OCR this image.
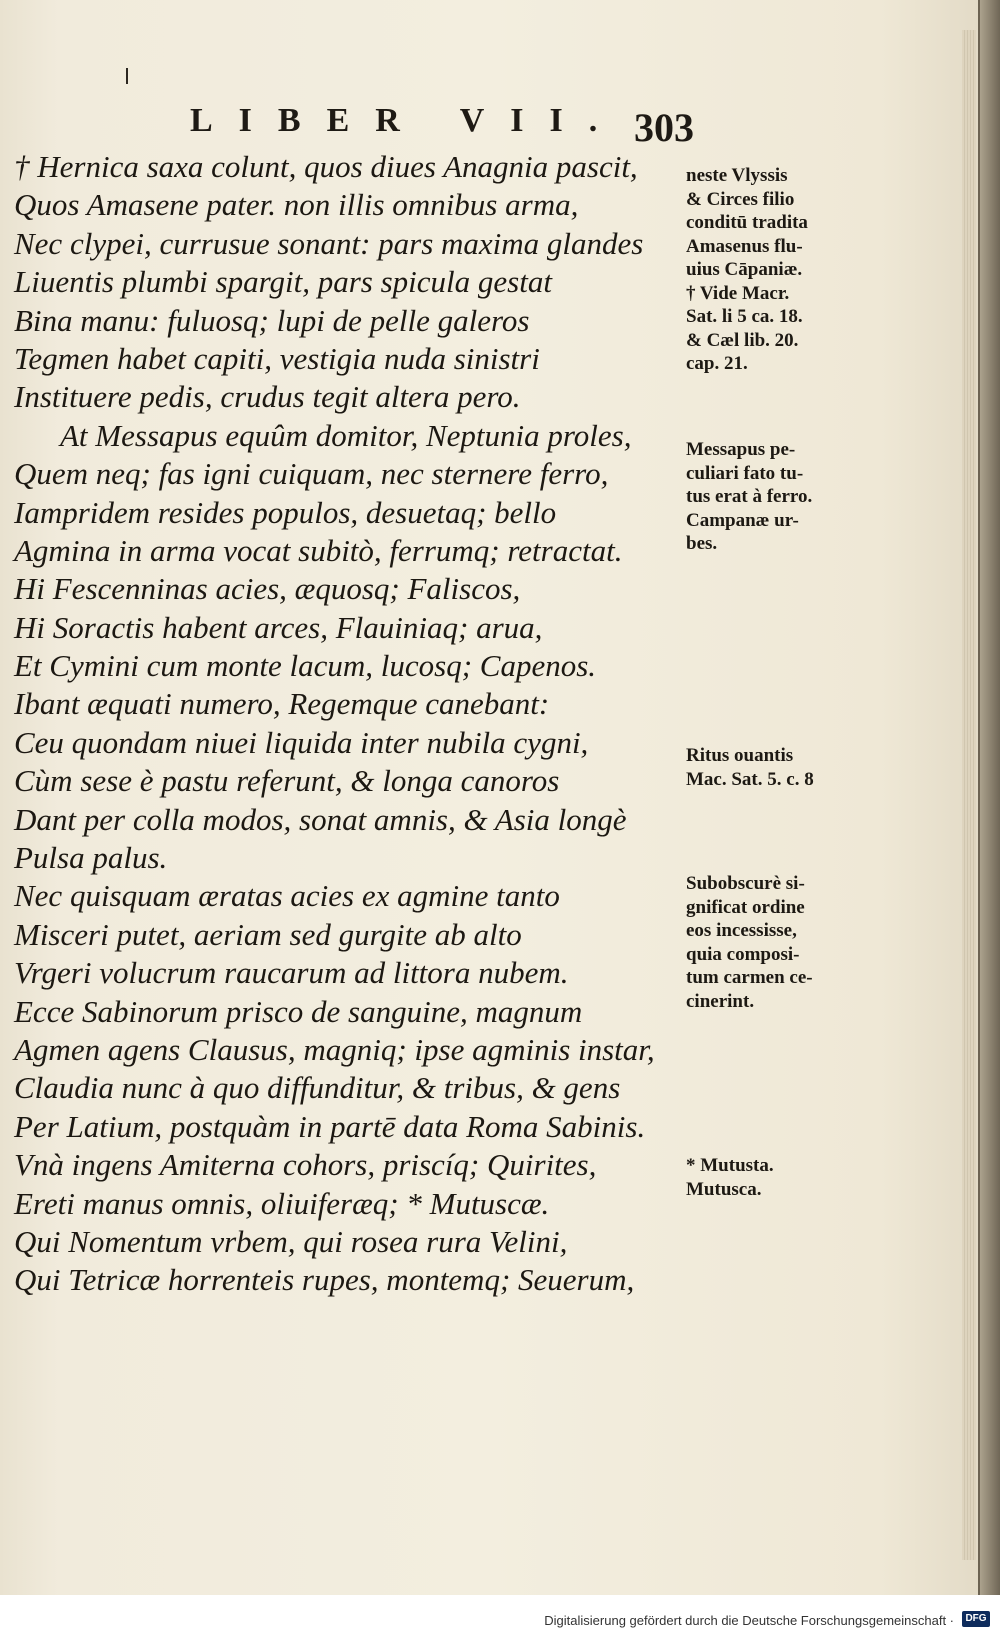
LIBER VII. 303
† Hernica saxa colunt, quos diues Anagnia pascit,
Quos Amasene pater. non illis omnibus arma,
Nec clypei, currusue sonant: pars maxima glandes
Liuentis plumbi spargit, pars spicula gestat
Bina manu: fuluosq; lupi de pelle galeros
Tegmen habet capiti, vestigia nuda sinistri
Instituere pedis, crudus tegit altera pero.
At Messapus equûm domitor, Neptunia proles,
Quem neq; fas igni cuiquam, nec sternere ferro,
Iampridem resides populos, desuetaq; bello
Agmina in arma vocat subitò, ferrumq; retractat.
Hi Fescenninas acies, æquosq; Faliscos,
Hi Soractis habent arces, Flauiniaq; arua,
Et Cymini cum monte lacum, lucosq; Capenos.
Ibant æquati numero, Regemque canebant:
Ceu quondam niuei liquida inter nubila cygni,
Cùm sese è pastu referunt, & longa canoros
Dant per colla modos, sonat amnis, & Asia longè
Pulsa palus.
Nec quisquam æratas acies ex agmine tanto
Misceri putet, aeriam sed gurgite ab alto
Vrgeri volucrum raucarum ad littora nubem.
Ecce Sabinorum prisco de sanguine, magnum
Agmen agens Clausus, magniq; ipse agminis instar,
Claudia nunc à quo diffunditur, & tribus, & gens
Per Latium, postquàm in partē data Roma Sabinis.
Vnà ingens Amiterna cohors, priscíq; Quirites,
Ereti manus omnis, oliuiferæq; * Mutuscæ.
Qui Nomentum vrbem, qui rosea rura Velini,
Qui Tetricæ horrenteis rupes, montemq; Seuerum,
neste Vlyssis
& Circes filio
conditū tradita
Amasenus flu-
uius Cāpaniæ.
† Vide Macr.
Sat. li 5 ca. 18.
& Cæl lib. 20.
cap. 21.
Messapus pe-
culiari fato tu-
tus erat à ferro.
Campanæ ur-
bes.
Ritus ouantis
Mac. Sat. 5. c. 8
Subobscurè si-
gnificat ordine
eos incessisse,
quia composi-
tum carmen ce-
cinerint.
* Mutusta.
Mutusca.
Digitalisierung gefördert durch die Deutsche Forschungsgemeinschaft ·	DFG
